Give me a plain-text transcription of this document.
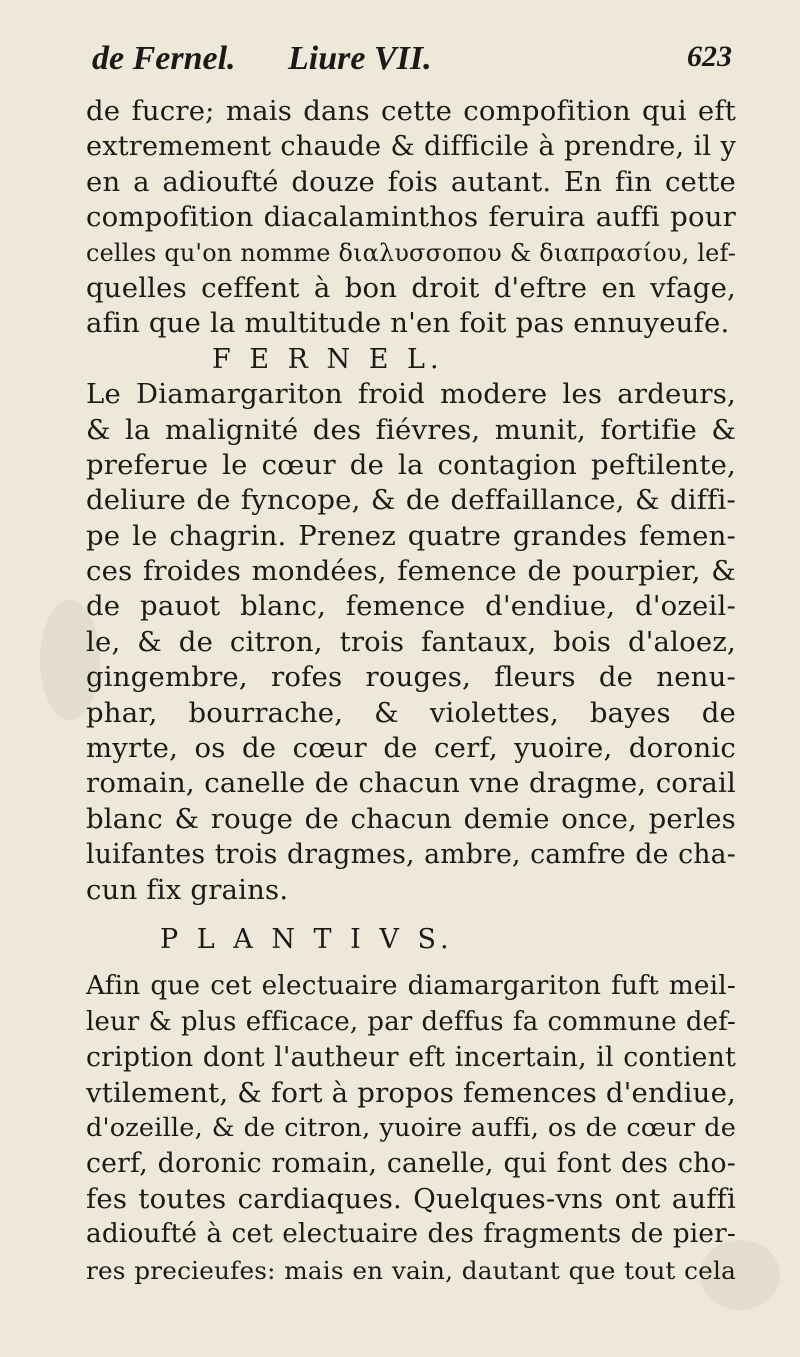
de Fernel. Liure VII.	623
de fucre; mais dans cette compofition qui eft
extremement chaude & difficile à prendre, il y
en a adioufté douze fois autant. En fin cette
compofition diacalaminthos feruira auffi pour
celles qu'on nomme διαλυσσοπου & διαπρασίου, lef-
quelles ceffent à bon droit d'eftre en vfage,
afin que la multitude n'en foit pas ennuyeufe.
F E R N E L.
Le Diamargariton froid modere les ardeurs,
& la malignité des fiévres, munit, fortifie &
preferue le cœur de la contagion peftilente,
deliure de fyncope, & de deffaillance, & diffi-
pe le chagrin. Prenez quatre grandes femen-
ces froides mondées, femence de pourpier, &
de pauot blanc, femence d'endiue, d'ozeil-
le, & de citron, trois fantaux, bois d'aloez,
gingembre, rofes rouges, fleurs de nenu-
phar, bourrache, & violettes, bayes de
myrte, os de cœur de cerf, yuoire, doronic
romain, canelle de chacun vne dragme, corail
blanc & rouge de chacun demie once, perles
luifantes trois dragmes, ambre, camfre de cha-
cun fix grains.
P L A N T I V S.
Afin que cet electuaire diamargariton fuft meil-
leur & plus efficace, par deffus fa commune def-
cription dont l'autheur eft incertain, il contient
vtilement, & fort à propos femences d'endiue,
d'ozeille, & de citron, yuoire auffi, os de cœur de
cerf, doronic romain, canelle, qui font des cho-
fes toutes cardiaques. Quelques-vns ont auffi
adioufté à cet electuaire des fragments de pier-
res precieufes: mais en vain, dautant que tout cela
